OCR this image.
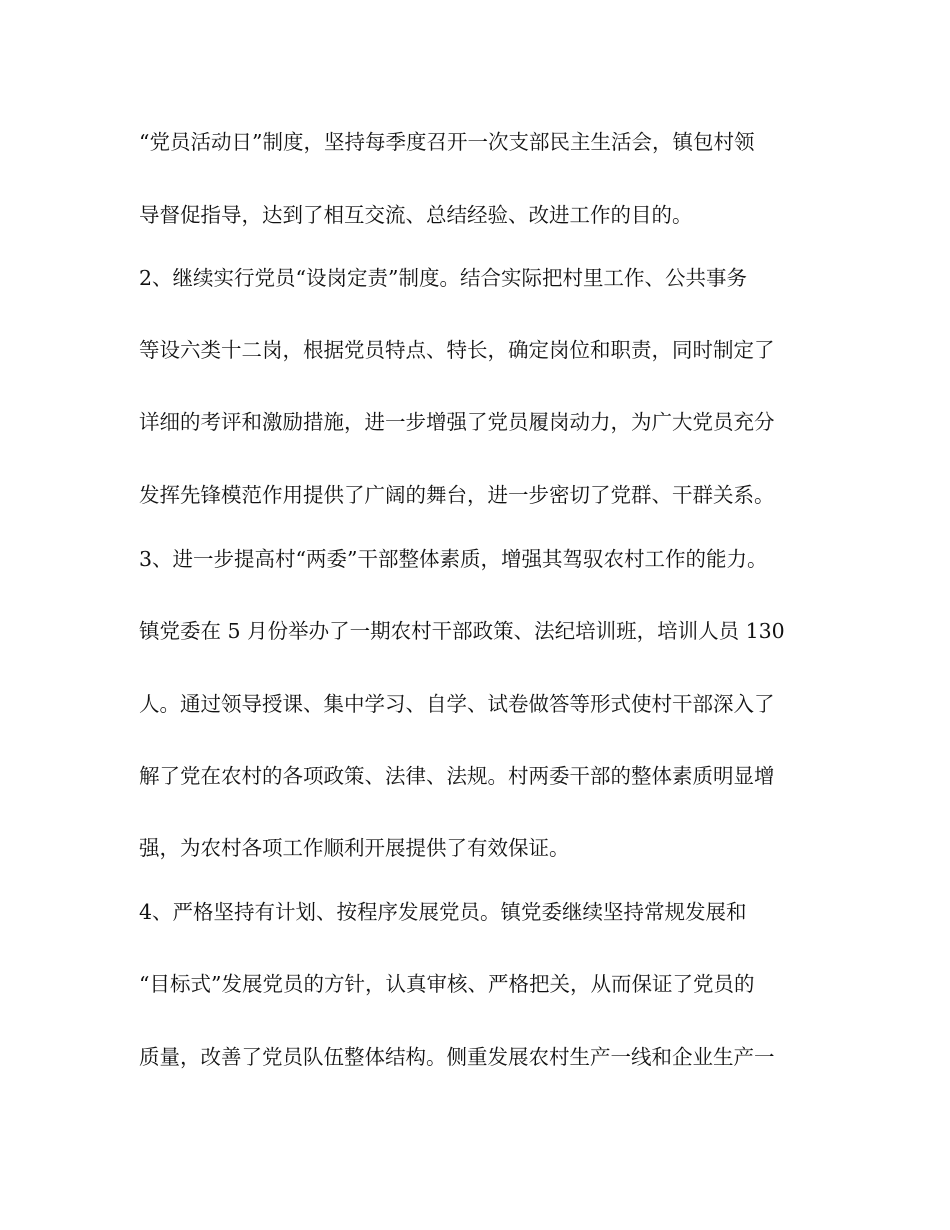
“党员活动日”制度，坚持每季度召开一次支部民主生活会，镇包村领
导督促指导，达到了相互交流、总结经验、改进工作的目的。
2、继续实行党员“设岗定责”制度。结合实际把村里工作、公共事务
等设六类十二岗，根据党员特点、特长，确定岗位和职责，同时制定了
详细的考评和激励措施，进一步增强了党员履岗动力，为广大党员充分
发挥先锋模范作用提供了广阔的舞台，进一步密切了党群、干群关系。
3、进一步提高村“两委”干部整体素质，增强其驾驭农村工作的能力。
镇党委在 5 月份举办了一期农村干部政策、法纪培训班，培训人员 130
人。通过领导授课、集中学习、自学、试卷做答等形式使村干部深入了
解了党在农村的各项政策、法律、法规。村两委干部的整体素质明显增
强，为农村各项工作顺利开展提供了有效保证。
4、严格坚持有计划、按程序发展党员。镇党委继续坚持常规发展和
“目标式”发展党员的方针，认真审核、严格把关，从而保证了党员的
质量，改善了党员队伍整体结构。侧重发展农村生产一线和企业生产一
